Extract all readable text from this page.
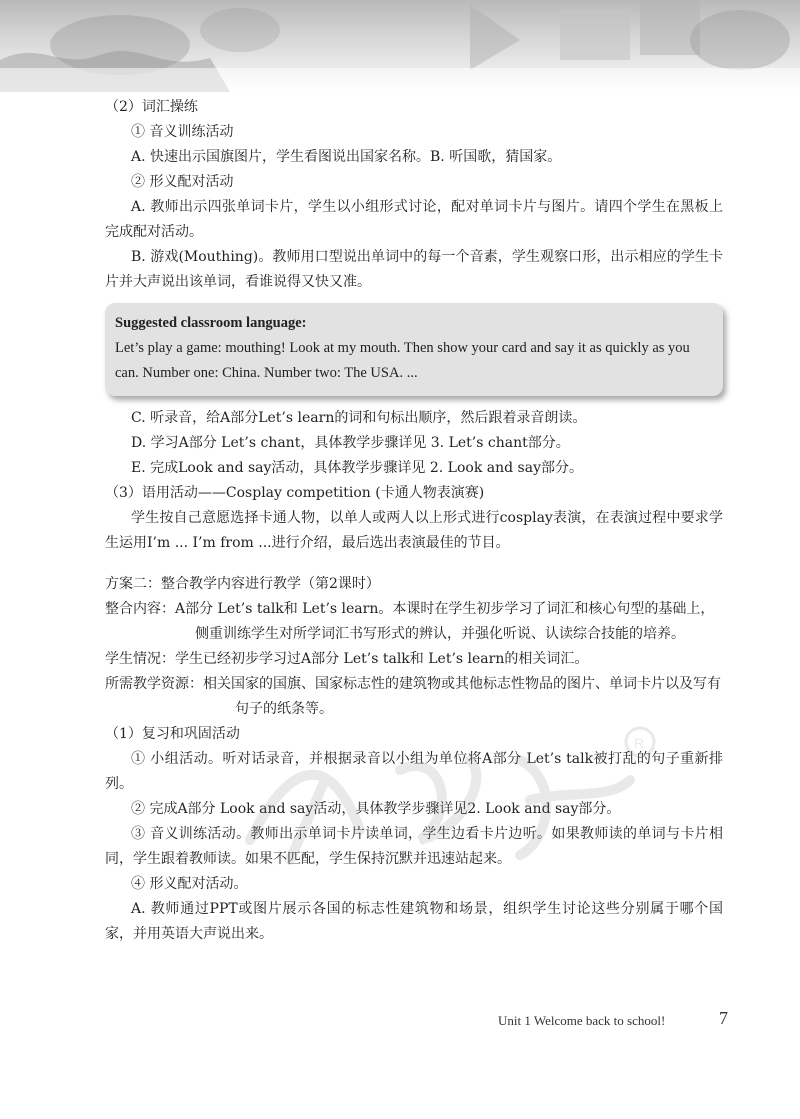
（2）词汇操练
① 音义训练活动
A. 快速出示国旗图片，学生看图说出国家名称。B. 听国歌，猜国家。
② 形义配对活动
A. 教师出示四张单词卡片，学生以小组形式讨论，配对单词卡片与图片。请四个学生在黑板上完成配对活动。
B. 游戏(Mouthing)。教师用口型说出单词中的每一个音素，学生观察口形，出示相应的学生卡片并大声说出该单词，看谁说得又快又准。
Suggested classroom language:
Let’s play a game: mouthing! Look at my mouth. Then show your card and say it as quickly as you can. Number one: China. Number two: The USA. ...
C. 听录音，给A部分Let’s learn的词和句标出顺序，然后跟着录音朗读。
D. 学习A部分 Let’s chant，具体教学步骤详见 3. Let’s chant部分。
E. 完成Look and say活动，具体教学步骤详见 2. Look and say部分。
（3）语用活动——Cosplay competition (卡通人物表演赛)
学生按自己意愿选择卡通人物，以单人或两人以上形式进行cosplay表演，在表演过程中要求学生运用I’m ... I’m from ...进行介绍，最后选出表演最佳的节目。
方案二：整合教学内容进行教学（第2课时）
整合内容：A部分 Let’s talk和 Let’s learn。本课时在学生初步学习了词汇和核心句型的基础上，侧重训练学生对所学词汇书写形式的辨认，并强化听说、认读综合技能的培养。
学生情况：学生已经初步学习过A部分 Let’s talk和 Let’s learn的相关词汇。
所需教学资源：相关国家的国旗、国家标志性的建筑物或其他标志性物品的图片、单词卡片以及写有句子的纸条等。
（1）复习和巩固活动
① 小组活动。听对话录音，并根据录音以小组为单位将A部分 Let’s talk被打乱的句子重新排列。
② 完成A部分 Look and say活动，具体教学步骤详见2. Look and say部分。
③ 音义训练活动。教师出示单词卡片读单词，学生边看卡片边听。如果教师读的单词与卡片相同，学生跟着教师读。如果不匹配，学生保持沉默并迅速站起来。
④ 形义配对活动。
A. 教师通过PPT或图片展示各国的标志性建筑物和场景，组织学生讨论这些分别属于哪个国家，并用英语大声说出来。
R
Unit 1 Welcome back to school!	7
